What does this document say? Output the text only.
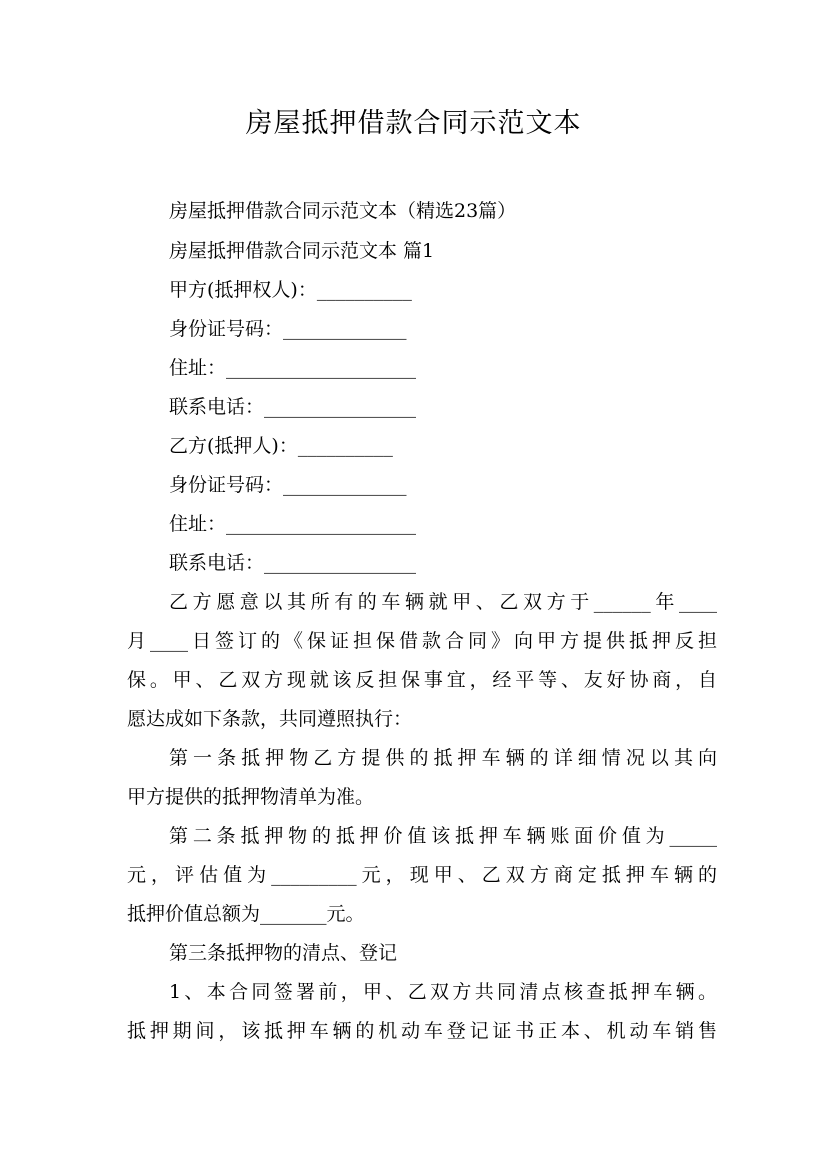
房屋抵押借款合同示范文本
房屋抵押借款合同示范文本（精选23篇）
房屋抵押借款合同示范文本 篇1
甲方(抵押权人)：__________
身份证号码：_____________
住址：____________________
联系电话：________________
乙方(抵押人)：__________
身份证号码：_____________
住址：____________________
联系电话：________________
乙方愿意以其所有的车辆就甲、乙双方于______年____
月____日签订的《保证担保借款合同》向甲方提供抵押反担
保。甲、乙双方现就该反担保事宜，经平等、友好协商，自
愿达成如下条款，共同遵照执行：
第一条抵押物乙方提供的抵押车辆的详细情况以其向
甲方提供的抵押物清单为准。
第二条抵押物的抵押价值该抵押车辆账面价值为_____
元，评估值为_________元，现甲、乙双方商定抵押车辆的
抵押价值总额为_______元。
第三条抵押物的清点、登记
1、本合同签署前，甲、乙双方共同清点核查抵押车辆。
抵押期间，该抵押车辆的机动车登记证书正本、机动车销售
